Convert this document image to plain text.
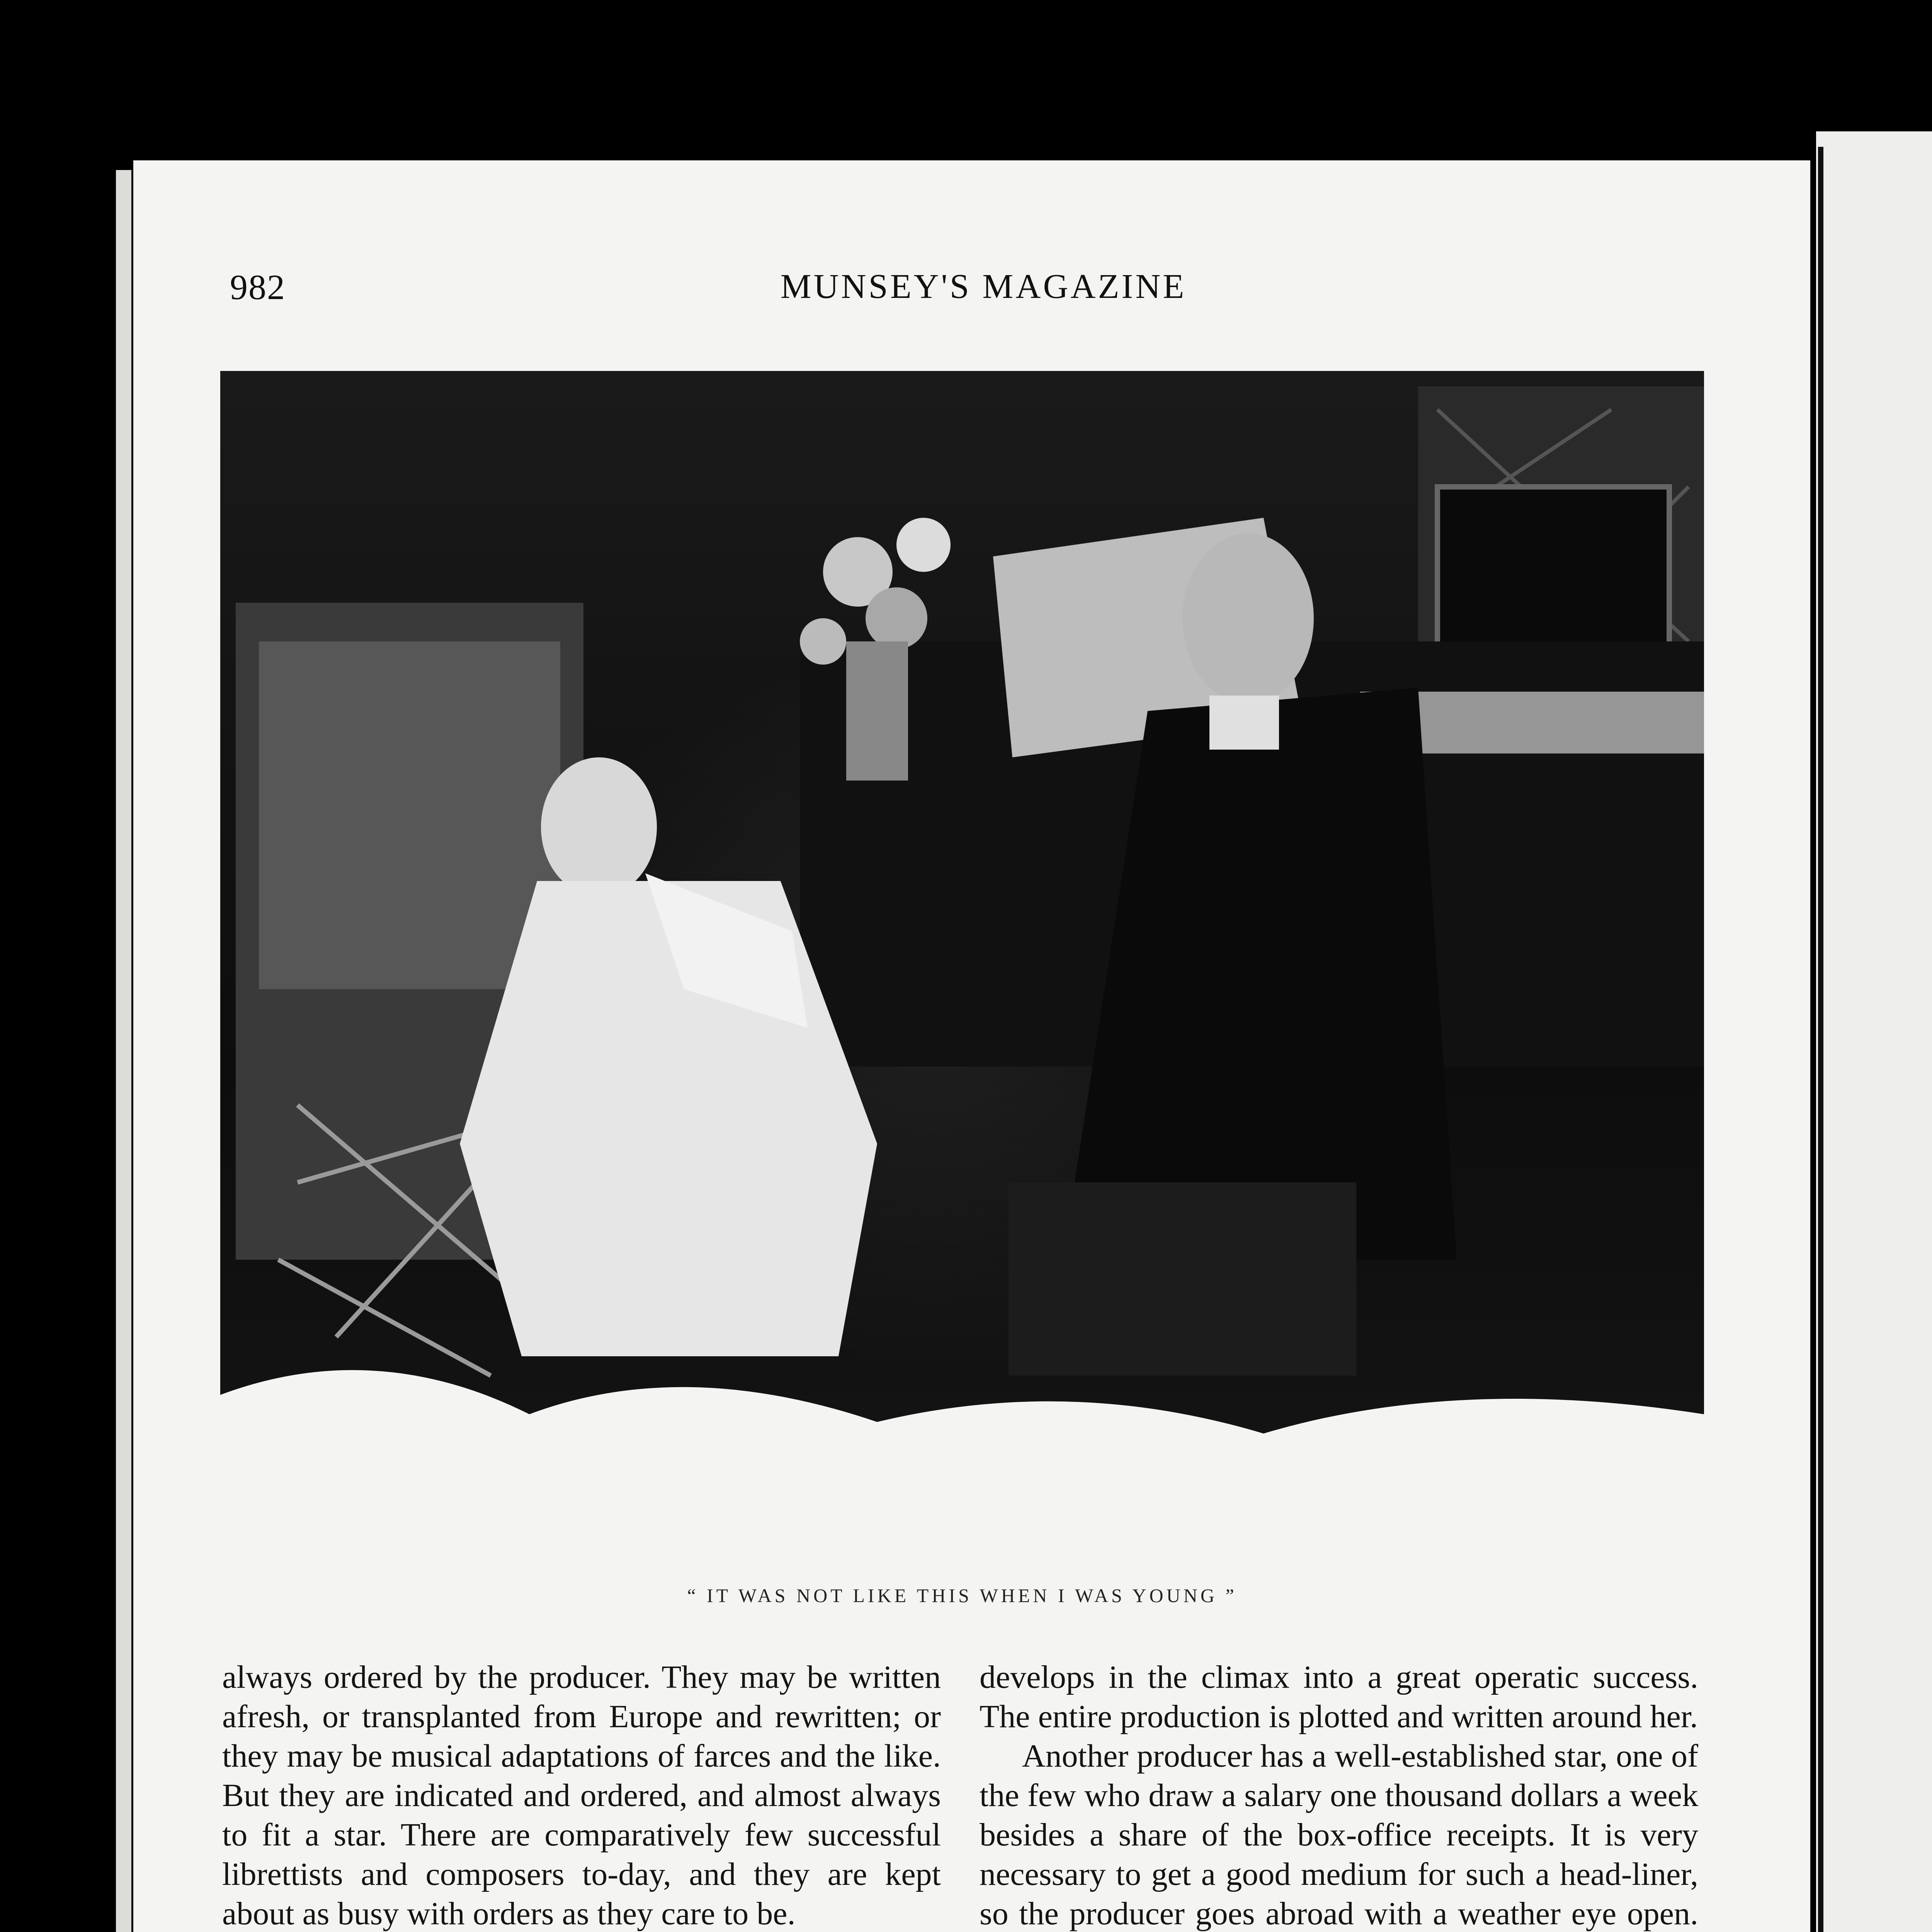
982	MUNSEY'S MAGAZINE
“ IT WAS NOT LIKE THIS WHEN I WAS YOUNG ”

always ordered by the producer. They may be written afresh, or transplanted from Europe and rewritten; or they may be musical adaptations of farces and the like. But they are indicated and ordered, and almost always to fit a star. There are comparatively few successful librettists and composers to-day, and they are kept about as busy with orders as they care to be.

develops in the climax into a great operatic success. The entire production is plotted and written around her.

Another producer has a well-established star, one of the few who draw a salary one thousand dollars a week besides a share of the box-office receipts. It is very necessary to get a good medium for such a head-liner, so the producer goes abroad with a weather eye open.
